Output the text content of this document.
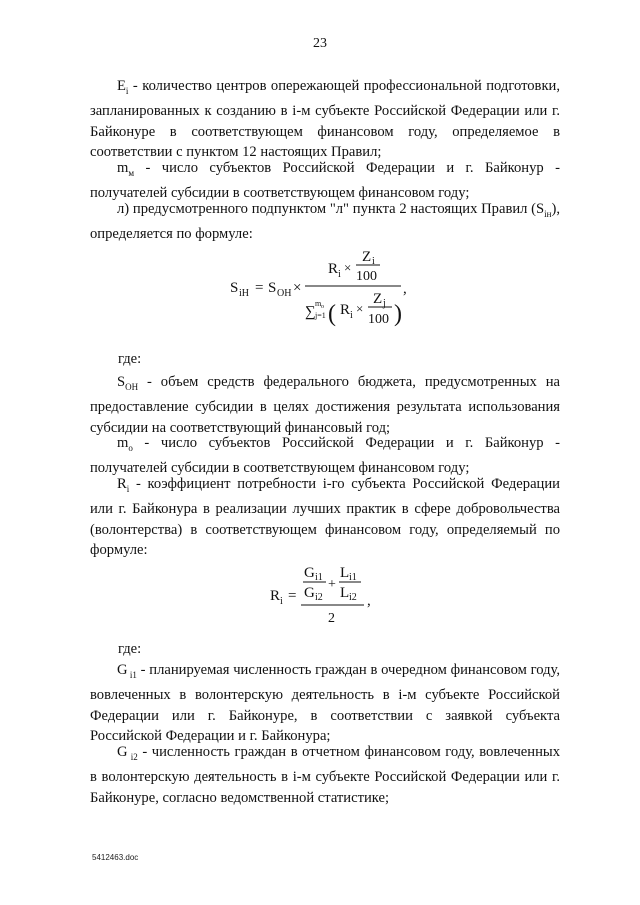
23
$E_i$ - количество центров опережающей профессиональной подготовки, запланированных к созданию в i-м субъекте Российской Федерации или г. Байконуре в соответствующем финансовом году, определяемое в соответствии с пунктом 12 настоящих Правил;
$m_м$ - число субъектов Российской Федерации и г. Байконур - получателей субсидии в соответствующем финансовом году;
л) предусмотренного подпунктом "л" пункта 2 настоящих Правил $(S_{iн})$, определяется по формуле:
S iН = S ОН ×
R i ×
Z i
100
∑
m o
j=1 ( R i ×
Z j
100 )
,
где:
$S_{ОН}$ - объем средств федерального бюджета, предусмотренных на предоставление субсидии в целях достижения результата использования субсидии на соответствующий финансовый год;
$m_o$ - число субъектов Российской Федерации и г. Байконур - получателей субсидии в соответствующем финансовом году;
$R_i$ - коэффициент потребности i-го субъекта Российской Федерации или г. Байконура в реализации лучших практик в сфере добровольчества (волонтерства) в соответствующем финансовом году, определяемый по формуле:
R i =
G i1
G i2
+
L i1
L i2
2
,
где:
G $_{i1}$ - планируемая численность граждан в очередном финансовом году, вовлеченных в волонтерскую деятельность в i-м субъекте Российской Федерации или г. Байконуре, в соответствии с заявкой субъекта Российской Федерации и г. Байконура;
G $_{i2}$ - численность граждан в отчетном финансовом году, вовлеченных в волонтерскую деятельность в i-м субъекте Российской Федерации или г. Байконуре, согласно ведомственной статистике;
5412463.doc
